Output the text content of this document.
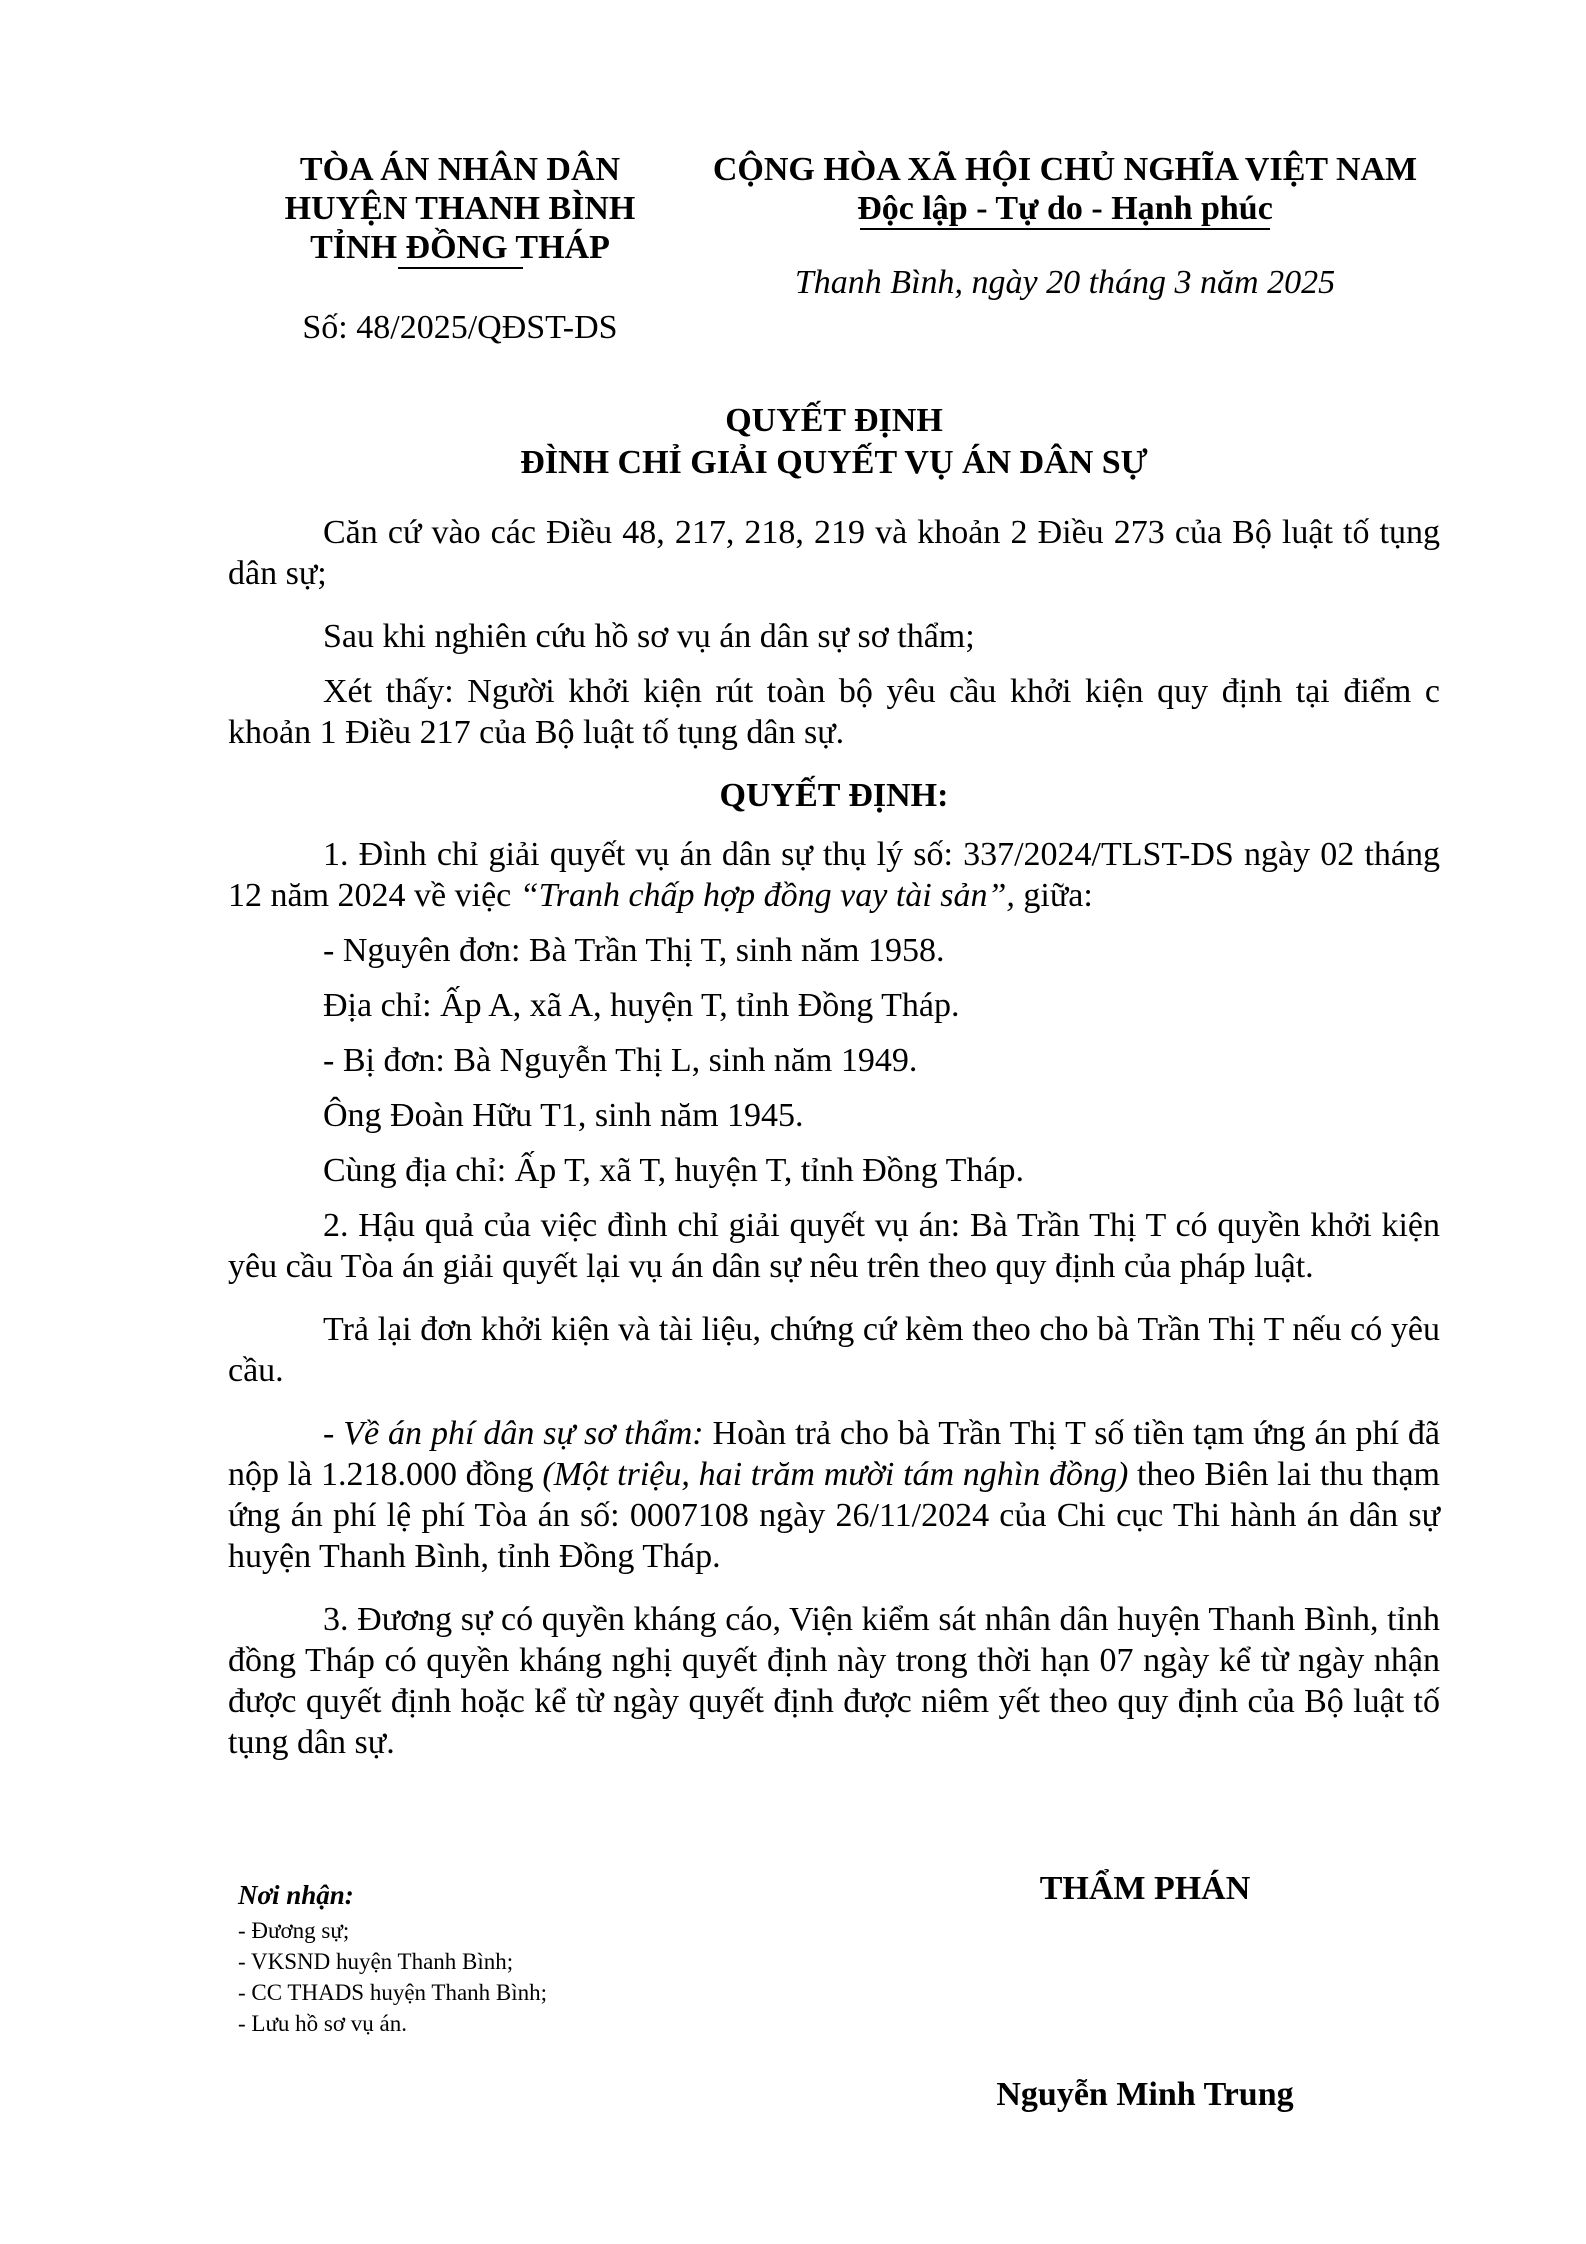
TÒA ÁN NHÂN DÂN
HUYỆN THANH BÌNH
TỈNH ĐỒNG THÁP
Số: 48/2025/QĐST-DS
CỘNG HÒA XÃ HỘI CHỦ NGHĨA VIỆT NAM
Độc lập - Tự do - Hạnh phúc
Thanh Bình, ngày 20 tháng 3 năm 2025
QUYẾT ĐỊNH
ĐÌNH CHỈ GIẢI QUYẾT VỤ ÁN DÂN SỰ

Căn cứ vào các Điều 48, 217, 218, 219 và khoản 2 Điều 273 của Bộ luật tố tụng dân sự;

Sau khi nghiên cứu hồ sơ vụ án dân sự sơ thẩm;

Xét thấy: Người khởi kiện rút toàn bộ yêu cầu khởi kiện quy định tại điểm c khoản 1 Điều 217 của Bộ luật tố tụng dân sự.

QUYẾT ĐỊNH:

1. Đình chỉ giải quyết vụ án dân sự thụ lý số: 337/2024/TLST-DS ngày 02 tháng 12 năm 2024 về việc “Tranh chấp hợp đồng vay tài sản”, giữa:

- Nguyên đơn: Bà Trần Thị T, sinh năm 1958.

Địa chỉ: Ấp A, xã A, huyện T, tỉnh Đồng Tháp.

- Bị đơn: Bà Nguyễn Thị L, sinh năm 1949.

Ông Đoàn Hữu T1, sinh năm 1945.

Cùng địa chỉ: Ấp T, xã T, huyện T, tỉnh Đồng Tháp.

2. Hậu quả của việc đình chỉ giải quyết vụ án: Bà Trần Thị T có quyền khởi kiện yêu cầu Tòa án giải quyết lại vụ án dân sự nêu trên theo quy định của pháp luật.

Trả lại đơn khởi kiện và tài liệu, chứng cứ kèm theo cho bà Trần Thị T nếu có yêu cầu.

- Về án phí dân sự sơ thẩm: Hoàn trả cho bà Trần Thị T số tiền tạm ứng án phí đã nộp là 1.218.000 đồng (Một triệu, hai trăm mười tám nghìn đồng) theo Biên lai thu thạm ứng án phí lệ phí Tòa án số: 0007108 ngày 26/11/2024 của Chi cục Thi hành án dân sự huyện Thanh Bình, tỉnh Đồng Tháp.

3. Đương sự có quyền kháng cáo, Viện kiểm sát nhân dân huyện Thanh Bình, tỉnh đồng Tháp có quyền kháng nghị quyết định này trong thời hạn 07 ngày kể từ ngày nhận được quyết định hoặc kể từ ngày quyết định được niêm yết theo quy định của Bộ luật tố tụng dân sự.

Nơi nhận:
- Đương sự;
- VKSND huyện Thanh Bình;
- CC THADS huyện Thanh Bình;
- Lưu hồ sơ vụ án.
THẨM PHÁN
Nguyễn Minh Trung
